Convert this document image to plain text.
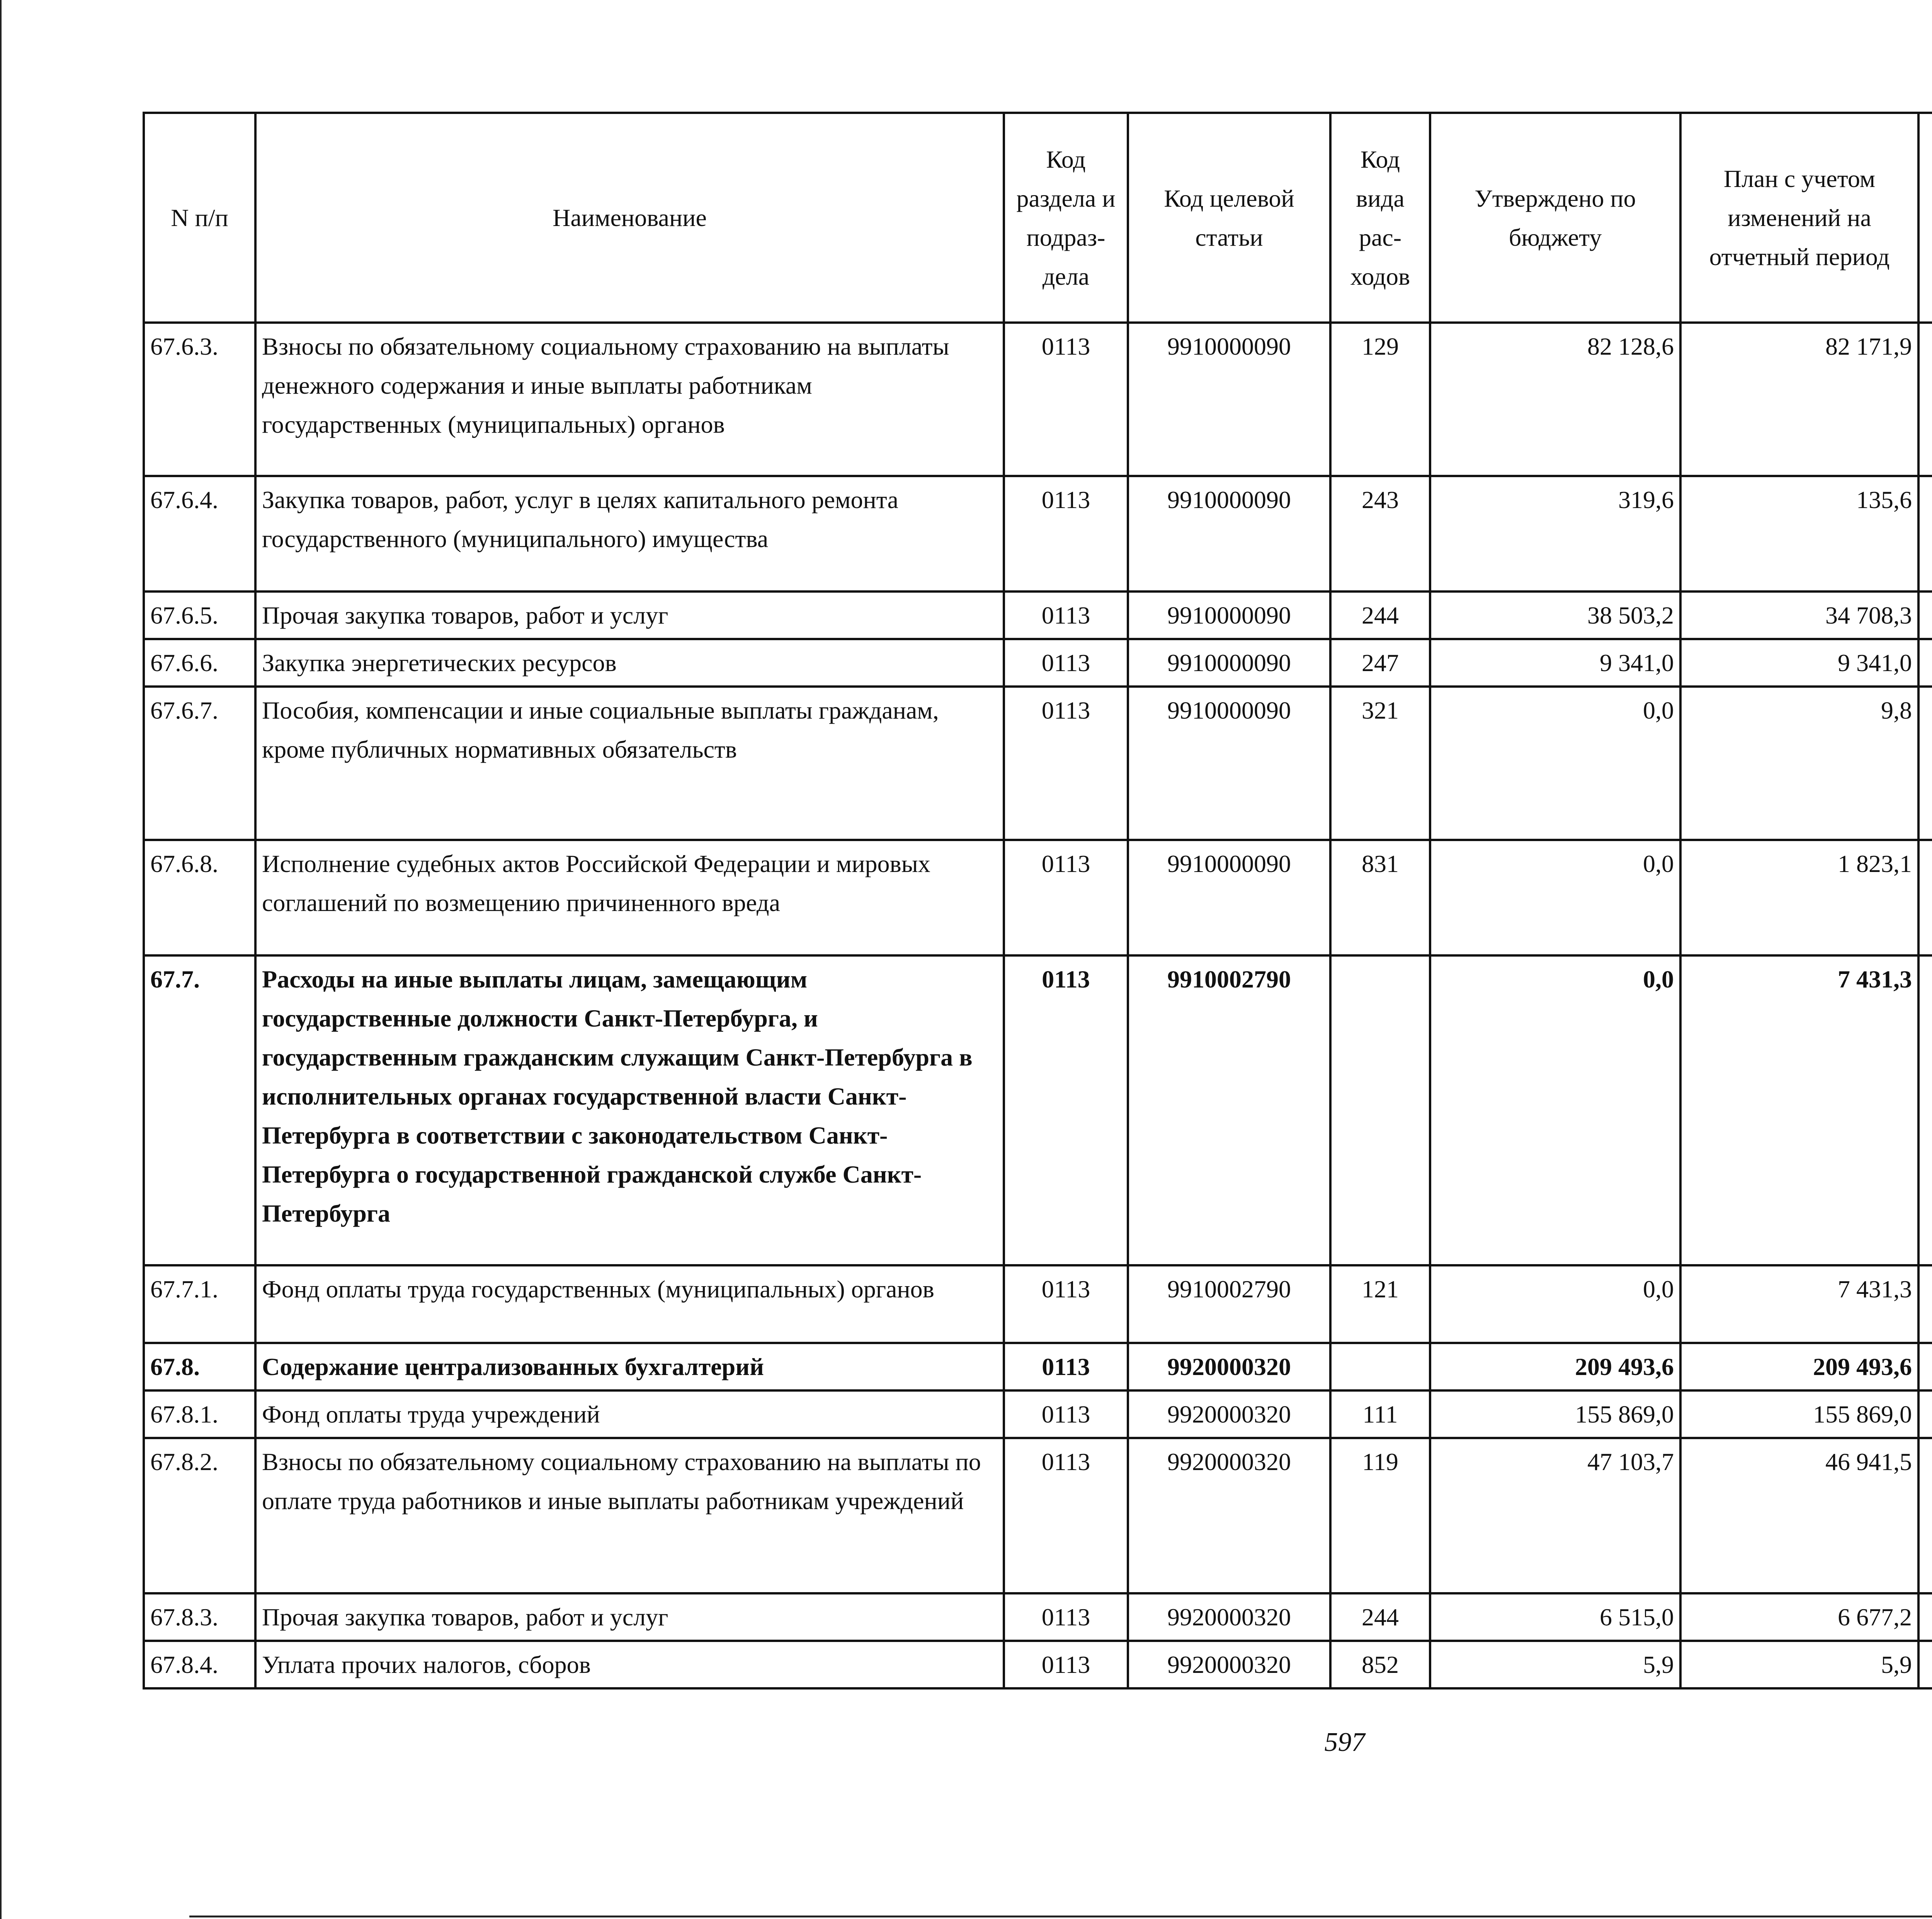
N п/п	Наименование	Код раздела и подраз-дела	Код целевой статьи	Код вида рас-ходов	Утверждено по бюджету	План с учетом изменений на отчетный период		

67.6.3.	Взносы по обязательному социальному страхованию на выплаты денежного содержания и иные выплаты работникам государственных (муниципальных) органов	0113	9910000090	129	82 128,6	82 171,9			
67.6.4.	Закупка товаров, работ, услуг в целях капитального ремонта государственного (муниципального) имущества	0113	9910000090	243	319,6	135,6			
67.6.5.	Прочая закупка товаров, работ и услуг	0113	9910000090	244	38 503,2	34 708,3			
67.6.6.	Закупка энергетических ресурсов	0113	9910000090	247	9 341,0	9 341,0			
67.6.7.	Пособия, компенсации и иные социальные выплаты гражданам, кроме публичных нормативных обязательств	0113	9910000090	321	0,0	9,8			
67.6.8.	Исполнение судебных актов Российской Федерации и мировых соглашений по возмещению причиненного вреда	0113	9910000090	831	0,0	1 823,1			
67.7.	Расходы на иные выплаты лицам, замещающим государственные должности Санкт-Петербурга, и государственным гражданским служащим Санкт-Петербурга в исполнительных органах государственной власти Санкт-Петербурга в соответствии с законодательством Санкт-Петербурга о государственной гражданской службе Санкт-Петербурга	0113	9910002790		0,0	7 431,3			
67.7.1.	Фонд оплаты труда государственных (муниципальных) органов	0113	9910002790	121	0,0	7 431,3			
67.8.	Содержание централизованных бухгалтерий	0113	9920000320		209 493,6	209 493,6			
67.8.1.	Фонд оплаты труда учреждений	0113	9920000320	111	155 869,0	155 869,0			
67.8.2.	Взносы по обязательному социальному страхованию на выплаты по оплате труда работников и иные выплаты работникам учреждений	0113	9920000320	119	47 103,7	46 941,5			
67.8.3.	Прочая закупка товаров, работ и услуг	0113	9920000320	244	6 515,0	6 677,2			
67.8.4.	Уплата прочих налогов, сборов	0113	9920000320	852	5,9	5,9			
597
